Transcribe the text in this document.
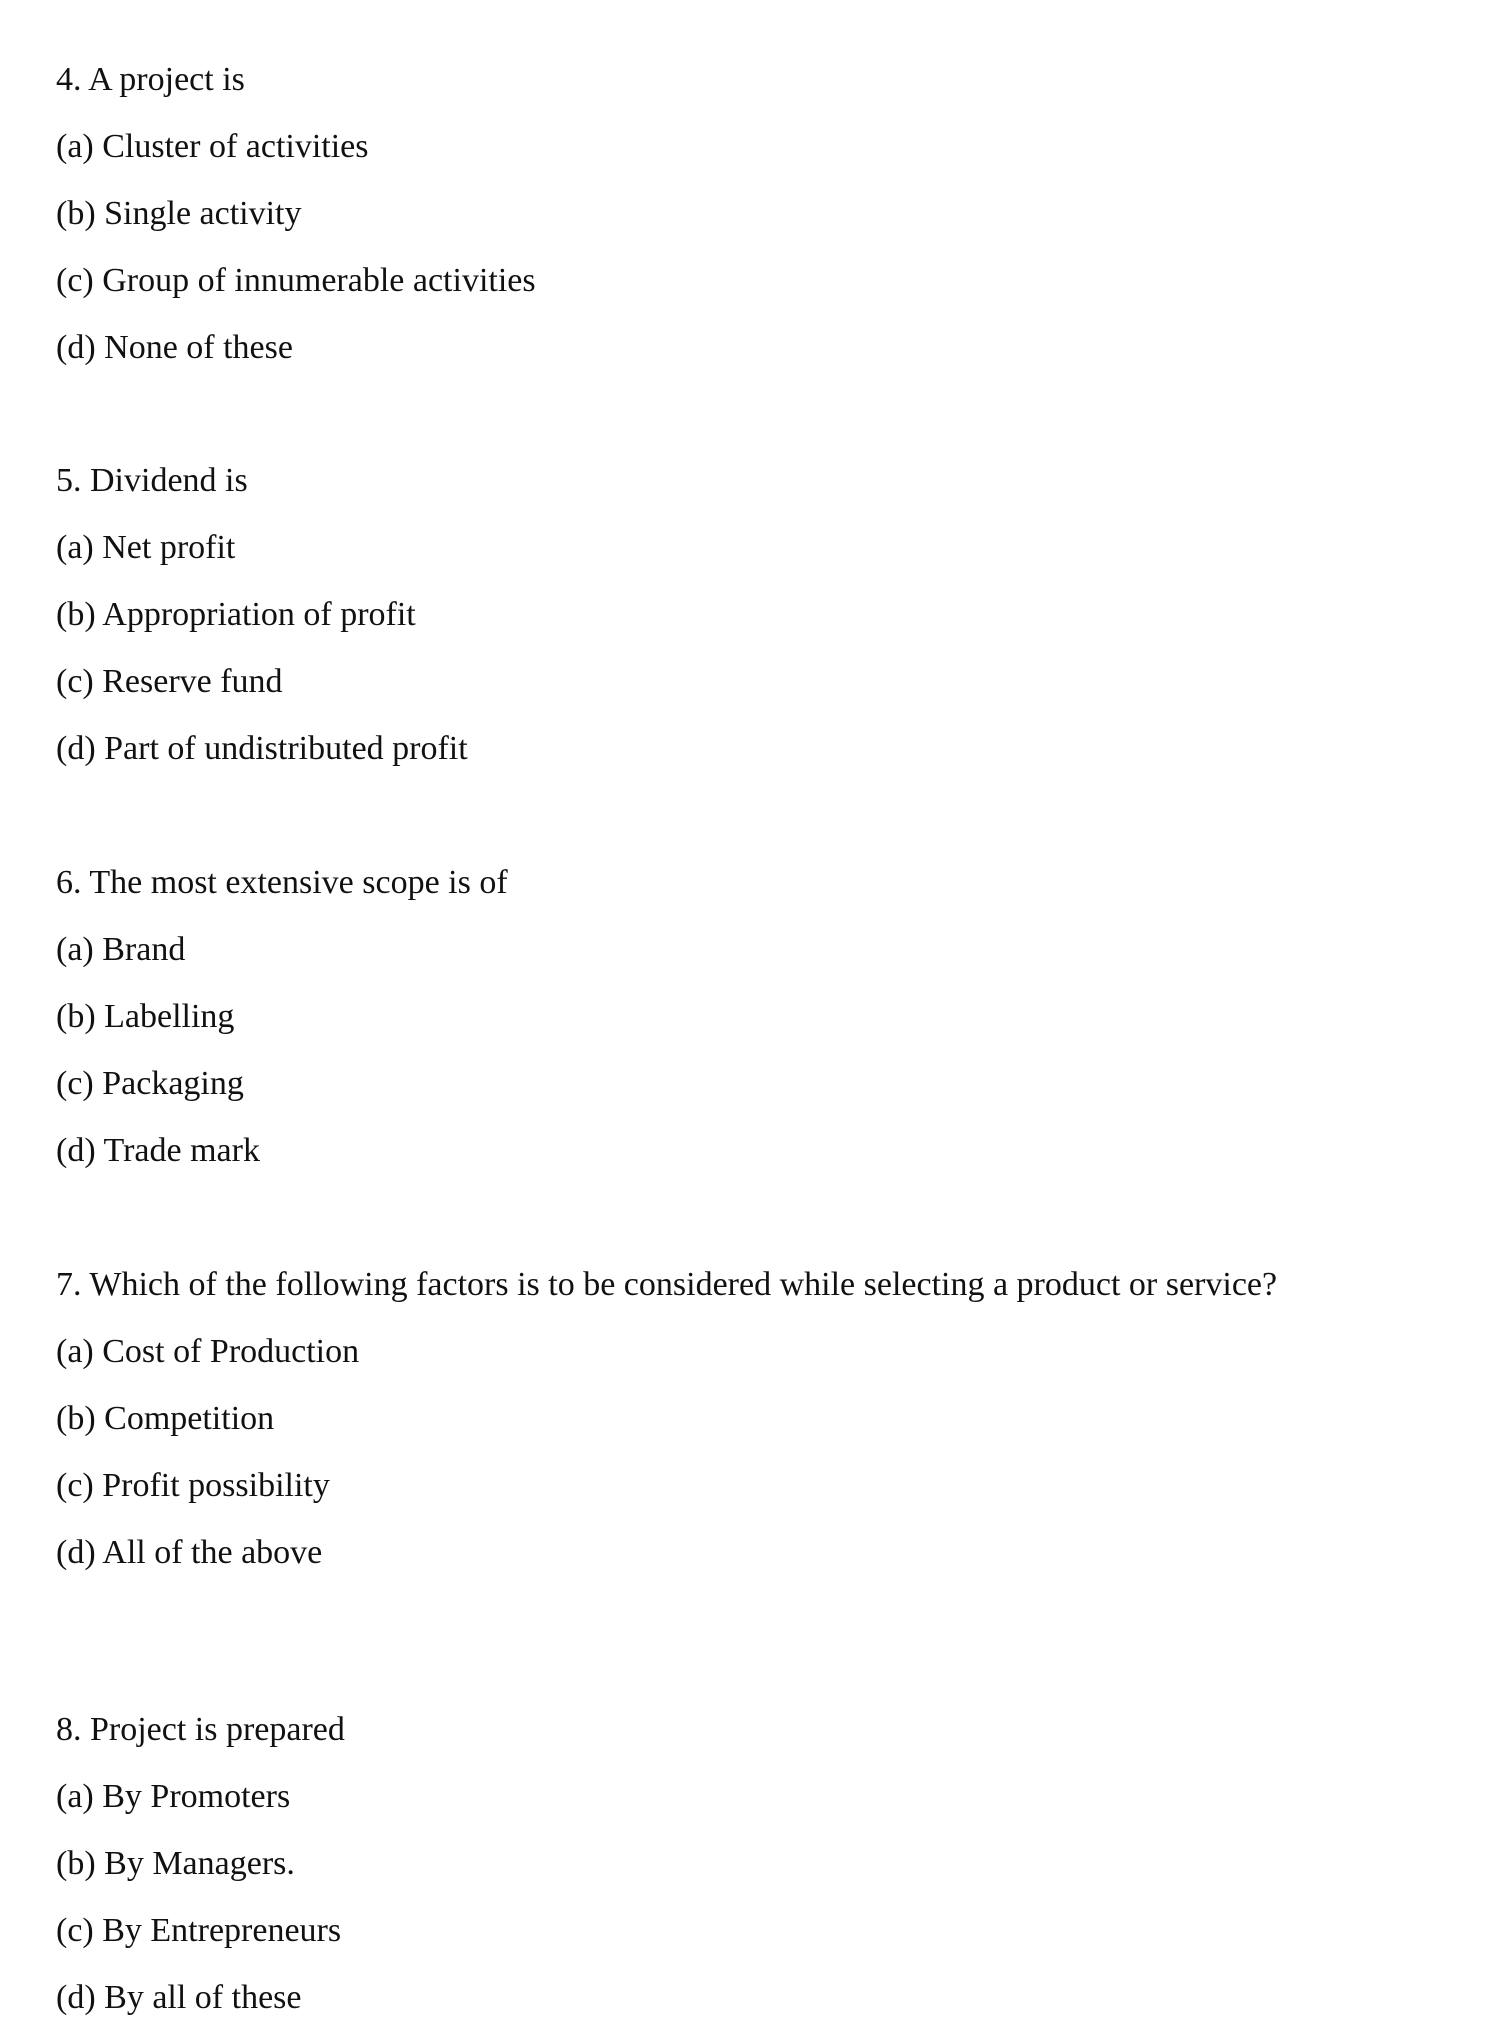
4. A project is

(a) Cluster of activities

(b) Single activity

(c) Group of innumerable activities

(d) None of these

5. Dividend is

(a) Net profit

(b) Appropriation of profit

(c) Reserve fund

(d) Part of undistributed profit

6. The most extensive scope is of

(a) Brand

(b) Labelling

(c) Packaging

(d) Trade mark

7. Which of the following factors is to be considered while selecting a product or service?

(a) Cost of Production

(b) Competition

(c) Profit possibility

(d) All of the above

8. Project is prepared

(a) By Promoters

(b) By Managers.

(c) By Entrepreneurs

(d) By all of these
